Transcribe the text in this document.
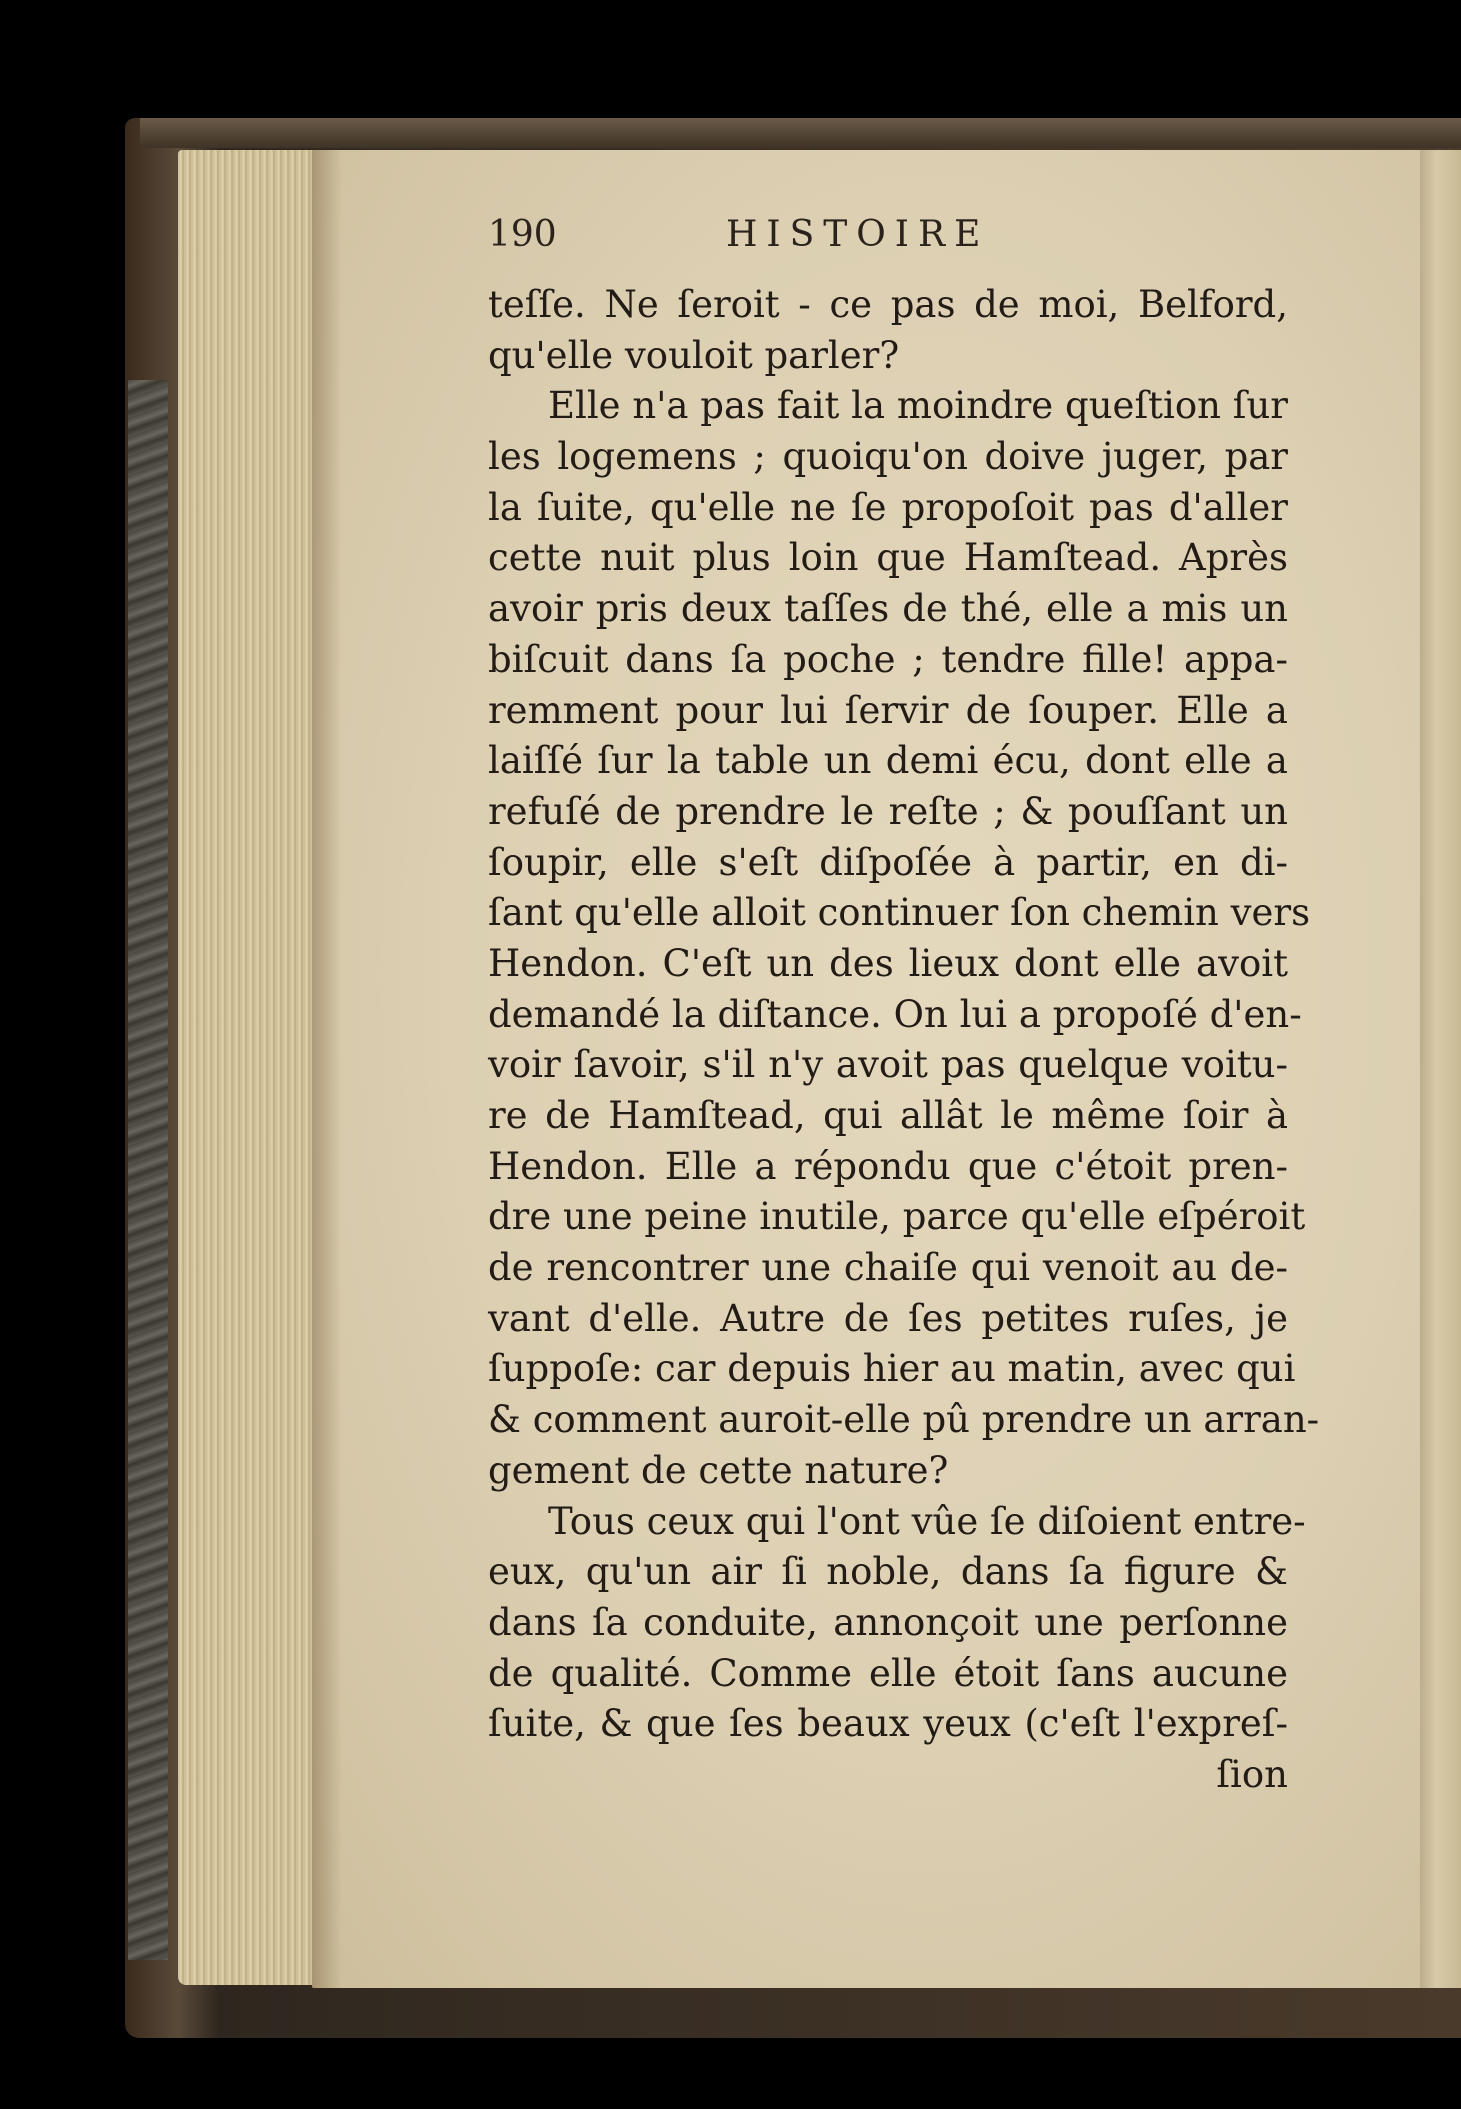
190	HISTOIRE
teſſe. Ne ſeroit - ce pas de moi, Belford,
qu'elle vouloit parler?
Elle n'a pas fait la moindre queſtion ſur
les logemens ; quoiqu'on doive juger, par
la ſuite, qu'elle ne ſe propoſoit pas d'aller
cette nuit plus loin que Hamſtead. Après
avoir pris deux taſſes de thé, elle a mis un
biſcuit dans ſa poche ; tendre fille! appa-
remment pour lui ſervir de ſouper. Elle a
laiſſé ſur la table un demi écu, dont elle a
refuſé de prendre le reſte ; & pouſſant un
ſoupir, elle s'eſt diſpoſée à partir, en di-
ſant qu'elle alloit continuer ſon chemin vers
Hendon. C'eſt un des lieux dont elle avoit
demandé la diſtance. On lui a propoſé d'en-
voir ſavoir, s'il n'y avoit pas quelque voitu-
re de Hamſtead, qui allât le même ſoir à
Hendon. Elle a répondu que c'étoit pren-
dre une peine inutile, parce qu'elle eſpéroit
de rencontrer une chaiſe qui venoit au de-
vant d'elle. Autre de ſes petites ruſes, je
ſuppoſe: car depuis hier au matin, avec qui
& comment auroit-elle pû prendre un arran-
gement de cette nature?
Tous ceux qui l'ont vûe ſe diſoient entre-
eux, qu'un air ſi noble, dans ſa figure &
dans ſa conduite, annonçoit une perſonne
de qualité. Comme elle étoit ſans aucune
ſuite, & que ſes beaux yeux (c'eſt l'expreſ-
ſion
